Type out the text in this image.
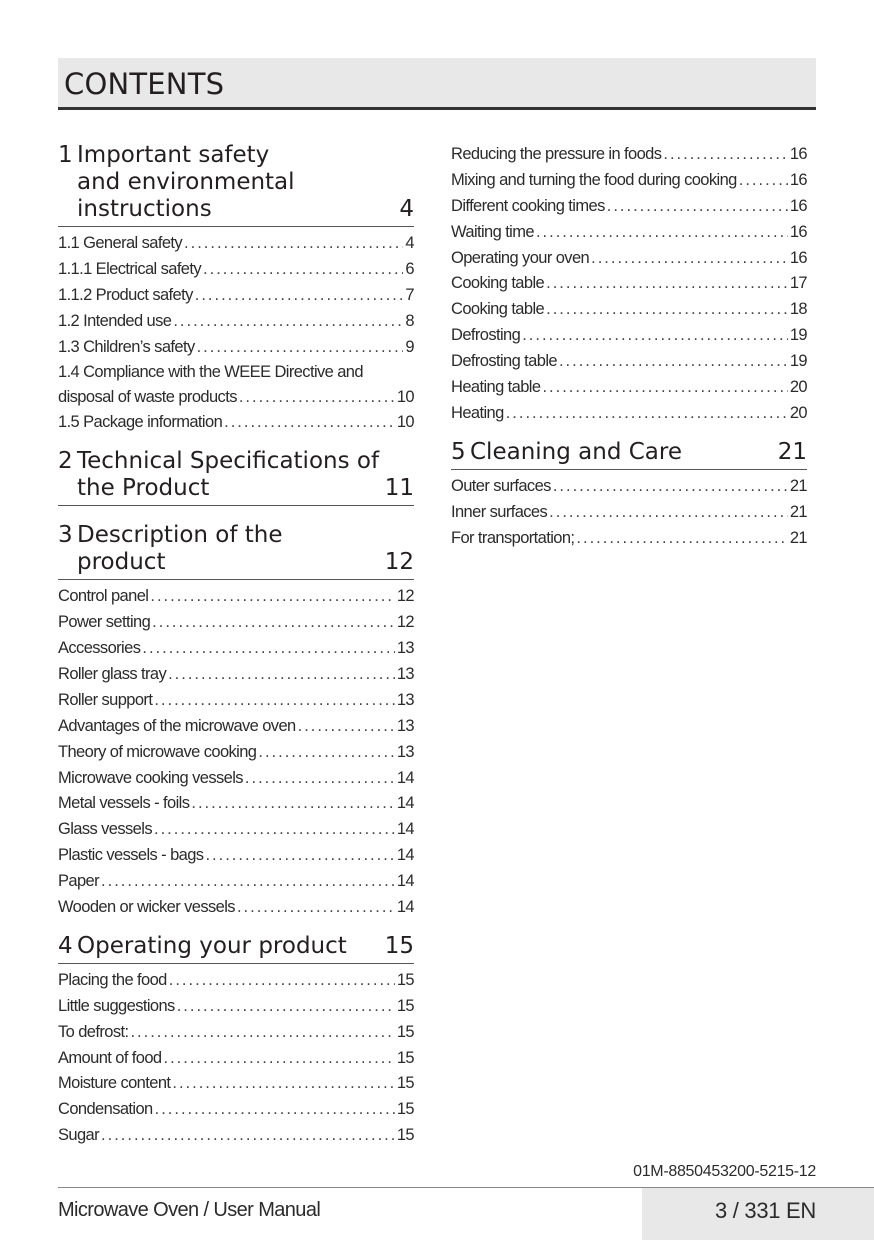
CONTENTS
1 Important safety
and environmental
instructions	4
1.1 General safety .....	4
1.1.1 Electrical safety .....	6
1.1.2 Product safety .....	7
1.2 Intended use .....	8
1.3 Children’s safety .....	9
1.4 Compliance with the WEEE Directive and
disposal of waste products .....	10
1.5 Package information .....	10
2 Technical Specifications of
the Product	11
3 Description of the
product	12
Control panel .....	12
Power setting .....	12
Accessories .....	13
Roller glass tray .....	13
Roller support .....	13
Advantages of the microwave oven .....	13
Theory of microwave cooking .....	13
Microwave cooking vessels .....	14
Metal vessels - foils .....	14
Glass vessels .....	14
Plastic vessels - bags .....	14
Paper .....	14
Wooden or wicker vessels .....	14
4 Operating your product 15
Placing the food .....	15
Little suggestions .....	15
To defrost: .....	15
Amount of food .....	15
Moisture content .....	15
Condensation .....	15
Sugar .....	15
Reducing the pressure in foods .....	16
Mixing and turning the food during cooking .....	16
Different cooking times .....	16
Waiting time .....	16
Operating your oven .....	16
Cooking table .....	17
Cooking table .....	18
Defrosting .....	19
Defrosting table .....	19
Heating table .....	20
Heating .....	20
5 Cleaning and Care	21
Outer surfaces .....	21
Inner surfaces .....	21
For transportation; .....	21
01M-8850453200-5215-12
Microwave Oven / User Manual	3 / 331 EN
